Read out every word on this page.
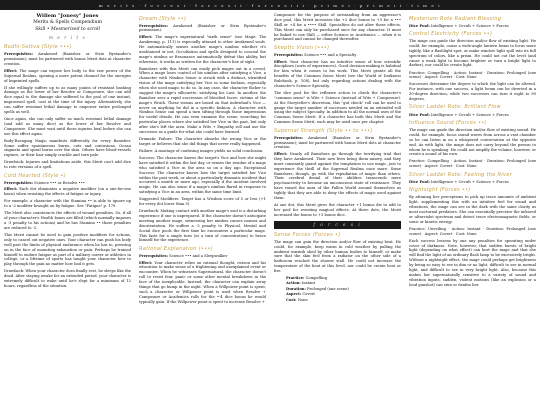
m e r i t s · f o r c e s i · f o r c e s i i · f o r c e s i i i · p r i m e i · p r i m e i i · t i m e i
Willem "Jonesy" Jones
Merits & Spells Compendium
Skill • Mesmerised to scroll
m e r i t s
Bodhi-Sattva (Style •••)
Prerequisites: Awakened (Banisher or Strix Bystander's permission); must be partnered with bonus Merit dots at character creation.
Effect: The mage can expose her body to the raw power of the Supernal Realms, opening a more potent channel for the energies of Imprinted spells.
If she willingly suffers up to as many points of resistant bashing damage as the lower of her Resolve or Composure, she can add dice equal to the damage she suffered to the pool of one instant, improvised spell, cast at the time of the injury. Alternatively, she can suffer resistant lethal damage to empower entire prolonged spells as well.
Once again, she can only suffer as much resistant lethal damage (and add as many dice) as the lower of her Resolve and Composure. She must wait until these injuries heal before she can use this effect again.
Body-Ravaging Magic manifests differently for every Banisher. Some suffer spontaneous burns, cuts and contusions. Ocean stigmata and spiral burns over the skin. Others have blood-vessels rupture, or their hair simply crackle and turn pale.
Drawback: Injuries and limitations aside, this Merit can't add dice to rote versions of a spell.
Cold Hearted (Style •)
Prerequisites: Science ••• or Resolve •••
Effect: Each dot eliminates a negative modifier (on a one-for-one basis) when resisting the effects of fatigue or injury.
For example, a character with the Stamina •• is able to ignore up to a -2 modifier brought on by fatigue. See "Fatigue" p. 179.
The Merit also counteracts the effects of wound penalties. So, if all of your character's Health boxes are filled (which normally imposes a -3 penalty to his actions) and he has Stamina •• those penalties are reduced to -2.
This Merit cannot be used to gain positive modifiers for actions, only to cancel out negative ones. Your character can push his body well past the limits of physical endurance when he has to, pressing on in the face of mounting exhaustion or pain. Perhaps he trained himself to endure fatigue as part of a military career or athletics in college, or a lifetime of sports has taught your character how to play through the pain no matter how bad it gets.
Drawback: When your character does finally rest, he sleeps like the dead. After staying awake for an extended period, your character is extremely difficult to wake until he's slept for a minimum of 12 hours, regardless of the situation.
Dream (Style ••)
Prerequisites: Awakened (Banisher or Strix Bystander's permission).
Effect: The mage's supernatural "sixth sense" (see Mage: The Awakening, p. 111) is especially attuned to other Awakened souls. He automatically senses another mage's nimbus whether it's unobtained or not. Occultation and spells designed to conceal the mage's nimbus or Resonance automatically defeat this ability, but otherwise, it works as written for the character's line of sight.
Banishers with this Merit can easily pick mages out in a crowd. When a mage loses control of his nimbus after satisfying a Vice, a character with Nimbus Sense is struck with a distinct, identified vision of the mage satisfying her Vice in some fashion, especially when she used magic to do so. In any case, the character flicker to suggest the mage's silhouette, satisfying his Lust. In another, the Banisher sees a rapid succession of bloodied faces: victims of the mage's Wrath. These visions are based on that individual's Vice — never on anything he did in a specific fashion. A character with Nimbus Sense can spend a turn sifting through those impressions for useful details. He can even examine the scene, searching for particular places where she satisfied her Vice in the past, but only after she's left the area. Make a Wits + Empathy roll and use the successes as a guide for what she could have learned.
Dramatic Failure: The character absorbs the wrong Vice or the target or believes that she did things that never really happened.
Failure: A montage of confusing images yields no solid conclusion.
Success: The character knows the target's Vice and how she might have satisfied it within the last day, or senses the residue of a mage who satisfied a Vice in the area so on a day ago. Exceptional Success: The character knows how the target satisfied her Vice within the past week, or about a particularly dramatic incident that occurred a month or more ago, especially if the incident involved magic. He can also sense if a mage's nimbus flared in response to satisfying a Vice in an area, within the same time limit.
Suggested Modifiers: Target has a Wisdom score of 5 or less (+1 for every dot lower than 5)
Drawback: Making contact with another mage's soul is a disturbing experience if one is unprepared. If the character doesn't anticipate meeting another mage, witnessing her nimbus causes nausea and disorientation. He suffers a -2 penalty to Physical, Mental and Social dice pools the first time he encounters a particular mage. This lasts for a single turn (or a turn of concentration) to brace himself for the experience.
Rational Explanation (•••)
Prerequisites: Science ••• and a Sleepwalker
Effect: Your character relies on rational thought, reason and his education to make sense of a frightening and unexplained event or encounter. When he witnesses Supernatural, the character doesn't roll to resist fear, panic or some other mental breakdown in the face of the inexplicable. Instead, the character can explain away things that go bump in the night. When a Willpower point is spent, such a character or Willpower point is used when Resolve + Composure or Academics rolls for the •-4 dice bonus he would typically gain. If the Willpower point is spent to increase Resolve +
Composure for the purpose of outstanding from an aggressor's dice pool, this Merit increases the +2 dice bonus to +3 for a ••• Skill or +4 for a •••• Skill. Specialties do not alter these effects. This Merit can only be purchased once for any character. It must be linked to one Skill — either Science or Academics — when it is purchased and cannot be changed thereafter.
Skeptic Vision (•••)
Prerequisites: Science ••• and a Specialty
Effect: Your character has an intuitive sense of how scientific disciplines (sorts of experiences). Good decision-making is habitual for him when it comes to his work. This Merit grants all the benefits of the Common Sense Merit (see the World of Darkness Rulebook, p. 108), but only regarding actions dealing with the character's Science Specialty.
The dice pool for the reflexive action to check the character's "common sense" is Wits + Science (instead of Wits + Composure). At the Storyteller's discretion, this "gut check" roll can be used to gauge the target number of successes needed on an extended roll using the subject Specialty. In addition to all the normal uses of the Common Sense Merit. If a character has both this Merit and the Common Sense Merit, each may be used once per chapter.
Supernal Strength (Style •• to •••)
Prerequisites: Awakened (Banisher or Strix Bystander's permission); must be partnered with bonus Merit dots at character creation.
Effect: Nearly all Banishers go through the terrifying trial that they have Awakened. Their new lives bring them misery, and they must constantly guard against the temptation to use magic, just to experience the thrill of the Supernal Realms once more. Some Banishers, though, go with the repudiation of magic than others. Their cerebral denial of their abilities transcends mere psychoactivity to become an unconscious state of resistance. They have raised the aura of the Fallen World around themselves as tightly that they are able to deny the effects of magic used against them.
At one dot, this Merit gives the character +1 bonus die to add to her pool for resisting magical effects. At three dots, the Merit increased the bonus to +3 bonus dice.
f o r c e s i
Sense Forces (Forces •)
The mage can gain the direction and/or flow of existing heat. He could, for example, keep warm in cold weather by pulling the ambient warmth shed by other human bodies to himself, or make sure that the skin feel from a radiator on the other side of a bathroom reached the shower stall. He could not increase the temperature of the heat at this level, nor could he create heat or fire.
Practice: Compelling
Action: Instant
Duration: Prolonged (one scene)
Aspect: Covert
Cost: None
Mysterium Rote Radiant Blessing
Dice Pool: Intelligence + Occult + Science + Forces
Control Electricity (Forces ••)
The mage can guide the direction and/or flow of existing light. He could, for example, cause a wide-angle lantern beam to focus more tightly, like a flashlight spot, or make window light spill into its full spectrum of colors, like a prism. He could not cut the level (and cause a weak light to become brighter or turn a bright light to darker), nor could he create light.
Practice: Compelling · Action: Instant · Duration: Prolonged (one scene) · Aspect: Covert · Cost: None
Successes determine the degree to which the light can be altered. For instance, with one success, a light beam can be diverted in a 30-degree direction, while two successes can turn it eight to 90 degrees.
Silver Ladder Rote: Brilliant Flow
Dice Pool: Intelligence + Occult + Science + Forces
Influence Sound (Forces ••)
The mage can guide the direction and/or flow of existing sound. He could, for example, focus sound waves from across a vast chamber so he can listen in on a whispered conversation at the opposite end. As with light, the mage does not carry beyond the person to whom he is speaking. He could not amplify the volume, however, or create a sound of his own.
Practice: Compelling · Action: Instant · Duration: Prolonged (one scene) · Aspect: Covert · Cost: None
Silver Ladder Rote: Feeling the River
Dice Pool: Intelligence + Occult + Science + Forces
Nightsight (Forces ••)
By attuning her perceptions to pick up trace amounts of ambient light, supplementing this with an intuitive feel for sound and vibrations, the mage can see in the dark with the same clarity as most nocturnal predators. She can essentially perceive the infrared or ultraviolet spectrum and detect trace electromagnetic fields, or sonic or kinetic energy.
Practice: Unveiling · Action: Instant · Duration: Prolonged (one scene) · Aspect: Covert · Cost: None
Each success lessens by one any penalties for operating under cover of darkness. Note, however, that sudden bursts of bright light (depending on what effect) can hurt the mage and that she will find the light of an ordinary flash lamp to be excessively bright. Without a nightsight effect, the mage could perhaps get brightness by being so easy to see in dim or no light, difficult to see in normal light, and difficult to see in very bright light. Also, because this makes her supernaturally sensitive to a variety of sound and vibration inputs, sudden, violent motions (like an explosion or a loud gunshot) can stun or deafen her.
